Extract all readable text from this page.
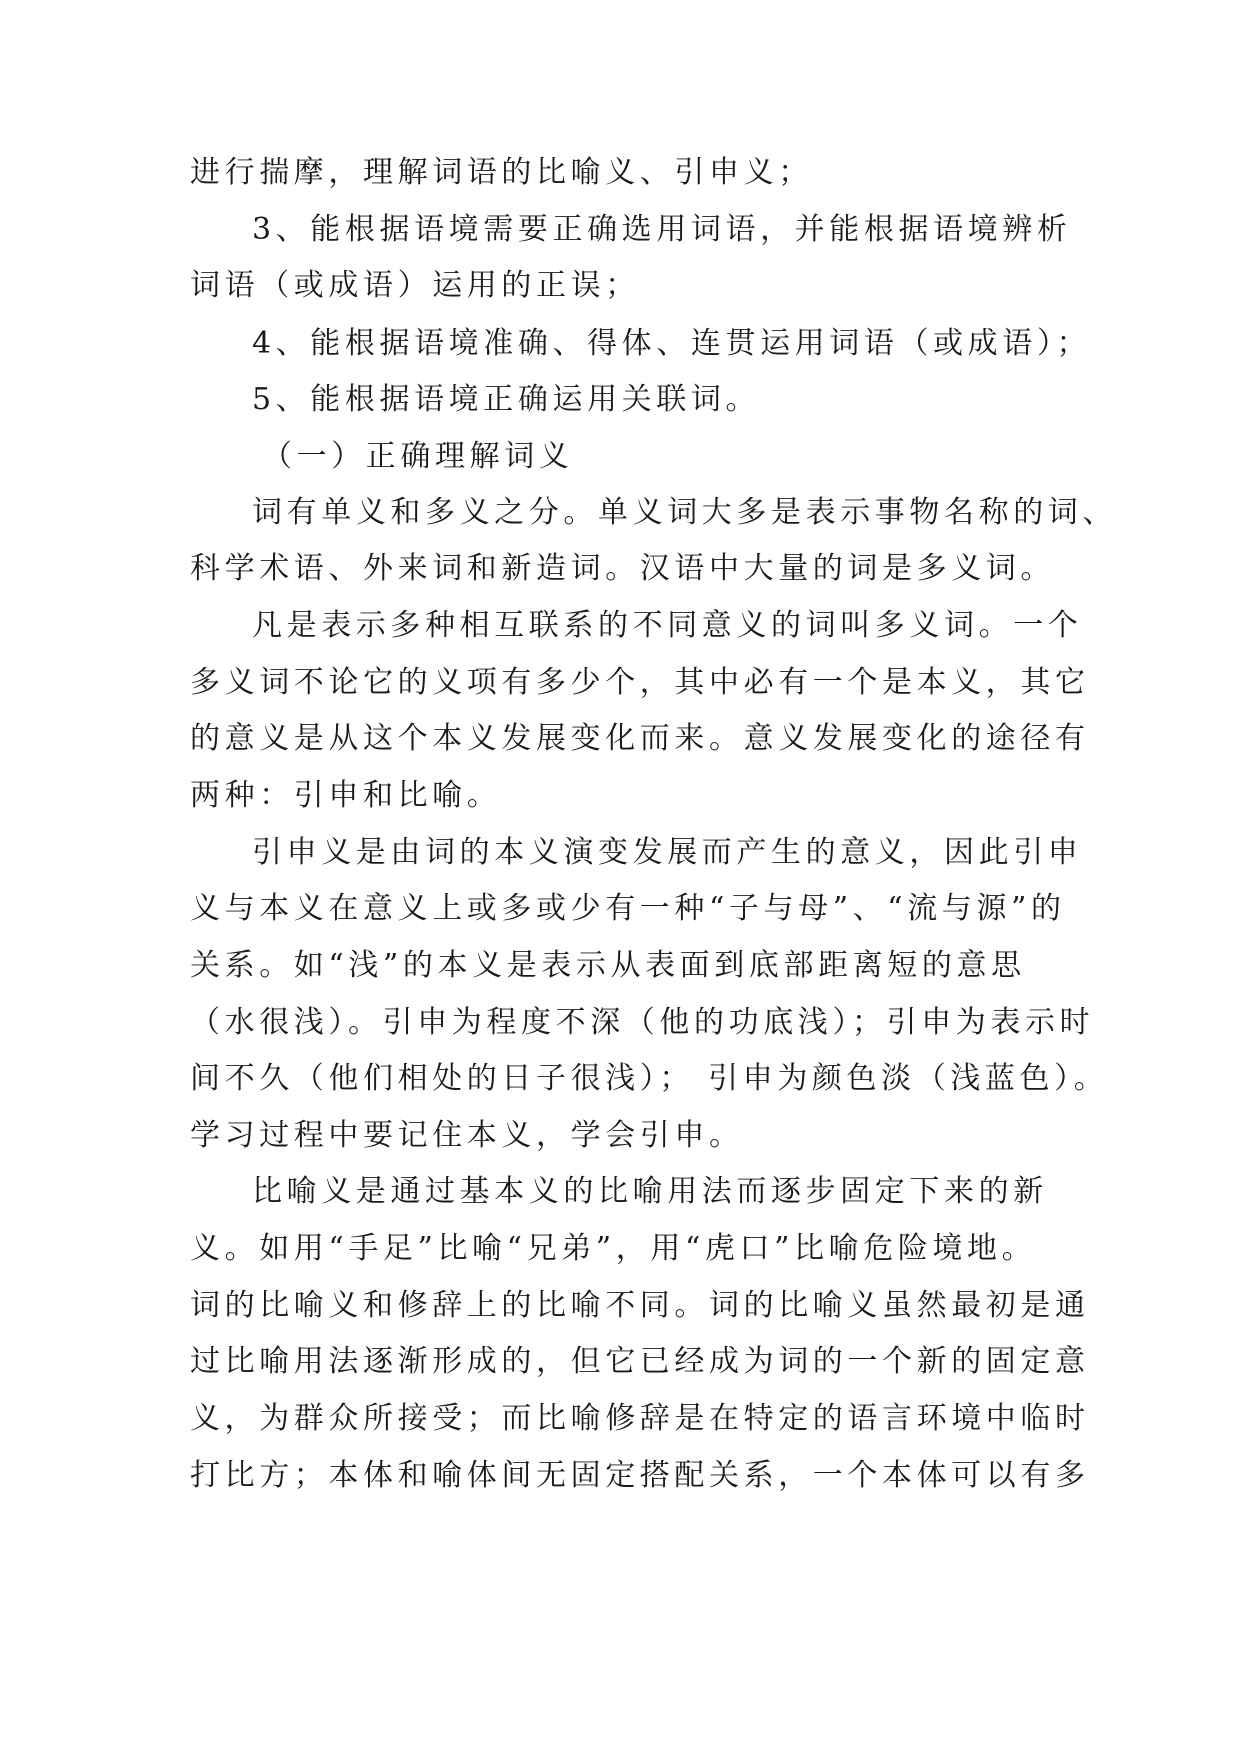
进行揣摩，理解词语的比喻义、引申义；
3、能根据语境需要正确选用词语，并能根据语境辨析
词语（或成语）运用的正误；
4、能根据语境准确、得体、连贯运用词语（或成语）；
5、能根据语境正确运用关联词。
（一）正确理解词义
词有单义和多义之分。单义词大多是表示事物名称的词、
科学术语、外来词和新造词。汉语中大量的词是多义词。
凡是表示多种相互联系的不同意义的词叫多义词。一个
多义词不论它的义项有多少个，其中必有一个是本义，其它
的意义是从这个本义发展变化而来。意义发展变化的途径有
两种：引申和比喻。
引申义是由词的本义演变发展而产生的意义，因此引申
义与本义在意义上或多或少有一种“子与母”、“流与源”的
关系。如“浅”的本义是表示从表面到底部距离短的意思
（水很浅）。引申为程度不深（他的功底浅）；引申为表示时
间不久（他们相处的日子很浅）； 引申为颜色淡（浅蓝色）。
学习过程中要记住本义，学会引申。
比喻义是通过基本义的比喻用法而逐步固定下来的新
义。如用“手足”比喻“兄弟”，用“虎口”比喻危险境地。
词的比喻义和修辞上的比喻不同。词的比喻义虽然最初是通
过比喻用法逐渐形成的，但它已经成为词的一个新的固定意
义，为群众所接受；而比喻修辞是在特定的语言环境中临时
打比方；本体和喻体间无固定搭配关系，一个本体可以有多
